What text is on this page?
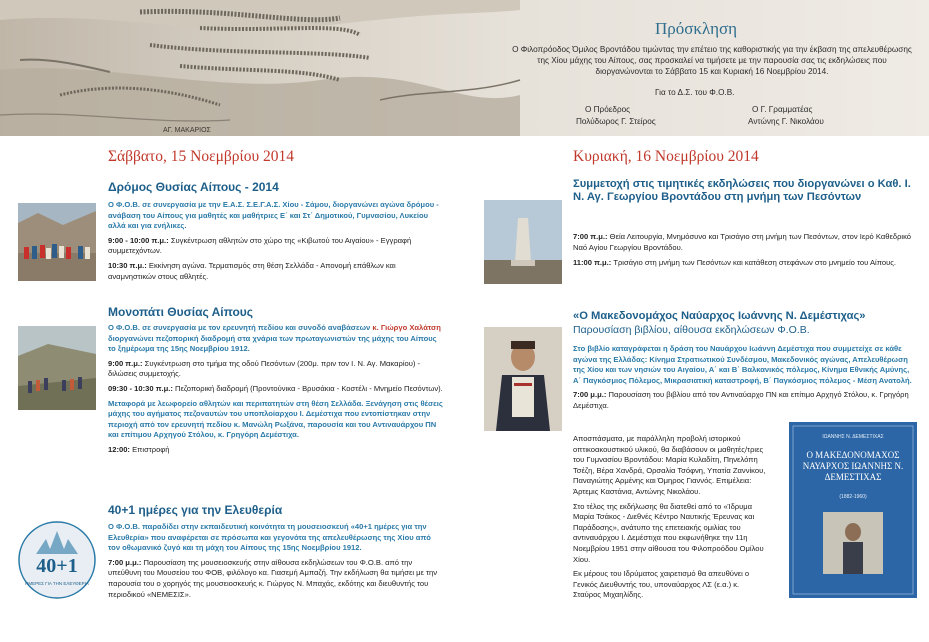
ΑΓ. ΜΑΚΑΡΙΟΣ
Πρόσκληση
Ο Φιλοπρόοδος Όμιλος Βροντάδου τιμώντας την επέτειο της καθοριστικής για την έκβαση της απελευθέρωσης της Χίου μάχης του Αίπους, σας προσκαλεί να τιμήσετε με την παρουσία σας τις εκδηλώσεις που διοργανώνονται το Σάββατο 15 και Κυριακή 16 Νοεμβρίου 2014.
Για το Δ.Σ. του Φ.Ο.Β.
Ο Πρόεδρος
Πολύδωρος Γ. Στείρος
Ο Γ. Γραμματέας
Αντώνης Γ. Νικολάου
Σάββατο, 15 Νοεμβρίου 2014
Δρόμος Θυσίας Αίπους - 2014
Ο Φ.Ο.Β. σε συνεργασία με την Ε.Α.Σ. Σ.Ε.Γ.Α.Σ. Χίου - Σάμου, διοργανώνει αγώνα δρόμου - ανάβαση του Αίπους για μαθητές και μαθήτριες Ε΄ και Στ΄ Δημοτικού, Γυμνασίου, Λυκείου αλλά και για ενήλικες.
9:00 - 10:00 π.μ.: Συγκέντρωση αθλητών στο χώρο της «Κιβωτού του Αιγαίου» - Εγγραφή συμμετεχόντων.
10:30 π.μ.: Εκκίνηση αγώνα. Τερματισμός στη θέση Σελλάδα - Απονομή επάθλων και αναμνηστικών στους αθλητές.
Μονοπάτι Θυσίας Αίπους
Ο Φ.Ο.Β. σε συνεργασία με τον ερευνητή πεδίου και συνοδό αναβάσεων κ. Γιώργο Χαλάτση διοργανώνει πεζοπορική διαδρομή στα χνάρια των πρωταγωνιστών της μάχης του Αίπους το ξημέρωμα της 15ης Νοεμβρίου 1912.
9:00 π.μ.: Συγκέντρωση στο τμήμα της οδού Πεσόντων (200μ. πριν τον Ι. Ν. Αγ. Μακαρίου) - διλώσεις συμμετοχής.
09:30 - 10:30 π.μ.: Πεζοπορική διαδρομή (Προντούνικα - Βρυσάκια - Κοστέλι - Μνημείο Πεσόντων).
Μεταφορά με λεωφορείο αθλητών και περιπατητών στη θέση Σελλάδα. Ξενάγηση στις θέσεις μάχης του αγήματος πεζοναυτών του υποπλοίαρχου Ι. Δεμέστιχα που εντοπίστηκαν στην περιοχή από τον ερευνητή πεδίου κ. Μανώλη Ρωξάνα, παρουσία και του Αντιναυάρχου ΠΝ και επίτιμου Αρχηγού Στόλου, κ. Γρηγόρη Δεμέστιχα.
12:00: Επιστροφή
40+1 ημέρες για την Ελευθερία
40+1
ΗΜΕΡΕΣ ΓΙΑ ΤΗΝ ΕΛΕΥΘΕΡΙΑ
Ο Φ.Ο.Β. παραδίδει στην εκπαιδευτική κοινότητα τη μουσειοσκευή «40+1 ημέρες για την Ελευθερία» που αναφέρεται σε πρόσωπα και γεγονότα της απελευθέρωσης της Χίου από τον οθωμανικό ζυγό και τη μάχη του Αίπους της 15ης Νοεμβρίου 1912.
7:00 μ.μ.: Παρουσίαση της μουσειοσκευής στην αίθουσα εκδηλώσεων του Φ.Ο.Β. από την υπεύθυνη του Μουσείου του ΦΟΒ, φιλόλογο κα. Γιασεμή Αμπαζή. Την εκδήλωση θα τιμήσει με την παρουσία του ο χορηγός της μουσειοσκευής κ. Γιώργος Ν. Μπαχάς, εκδότης και διευθυντής του περιοδικού «ΝΕΜΕΣΙΣ».
Κυριακή, 16 Νοεμβρίου 2014
Συμμετοχή στις τιμητικές εκδηλώσεις που διοργανώνει ο Καθ. Ι. Ν. Αγ. Γεωργίου Βροντάδου στη μνήμη των Πεσόντων
7:00 π.μ.: Θεία Λειτουργία, Μνημόσυνο και Τρισάγιο στη μνήμη των Πεσόντων, στον Ιερό Καθεδρικό Ναό Αγίου Γεωργίου Βροντάδου.
11:00 π.μ.: Τρισάγιο στη μνήμη των Πεσόντων και κατάθεση στεφάνων στο μνημείο του Αίπους.
«Ο Μακεδονομάχος Ναύαρχος Ιωάννης Ν. Δεμέστιχας»
Παρουσίαση βιβλίου, αίθουσα εκδηλώσεων Φ.Ο.Β.
Στο βιβλίο καταγράφεται η δράση του Ναυάρχου Ιωάννη Δεμέστιχα που συμμετείχε σε κάθε αγώνα της Ελλάδας: Κίνημα Στρατιωτικού Συνδέσμου, Μακεδονικός αγώνας, Απελευθέρωση της Χίου και των νησιών του Αιγαίου, Α΄ και Β΄ Βαλκανικός πόλεμος, Κίνημα Εθνικής Αμύνης, Α΄ Παγκόσμιος Πόλεμος, Μικρασιατική καταστροφή, Β΄ Παγκόσμιος πόλεμος - Μέση Ανατολή.
7:00 μ.μ.: Παρουσίαση του βιβλίου από τον Αντιναύαρχο ΠΝ και επίτιμο Αρχηγό Στόλου, κ. Γρηγόρη Δεμέστιχα.
Αποσπάσματα, με παράλληλη προβολή ιστορικού οπτικοακουστικού υλικού, θα διαβάσουν οι μαθητές/τριες του Γυμνασίου Βροντάδου: Μαρία Κυλαδίτη, Πηνελόπη Τσέζη, Βέρα Χανδρά, Ορσαλία Τσόφνη, Υπατία Ζαννίκου, Παναγιώτης Αρμένης και Όμηρος Γιαννός. Επιμέλεια: Άρτεμις Καστάνια, Αντώνης Νικολάου.
Στο τέλος της εκδήλωσης θα διατεθεί από το «Ίδρυμα Μαρία Τσάκος - Διεθνές Κέντρο Ναυτικής Έρευνας και Παράδοσης», ανάτυπο της επετειακής ομιλίας του αντιναυάρχου Ι. Δεμέστιχα που εκφωνήθηκε την 11η Νοεμβρίου 1951 στην αίθουσα του Φιλοπροόδου Ομίλου Χίου.
Εκ μέρους του Ιδρύματος χαιρετισμό θα απευθύνει ο Γενικός Διευθυντής του, υποναύαρχος ΛΣ (ε.α.) κ. Σταύρος Μιχαηλίδης.
ΙΩΑΝΝΗΣ Ν. ΔΕΜΕΣΤΙΧΑΣ
Ο ΜΑΚΕΔΟΝΟΜΑΧΟΣ ΝΑΥΑΡΧΟΣ ΙΩΑΝΝΗΣ Ν. ΔΕΜΕΣΤΙΧΑΣ
(1882-1960)
